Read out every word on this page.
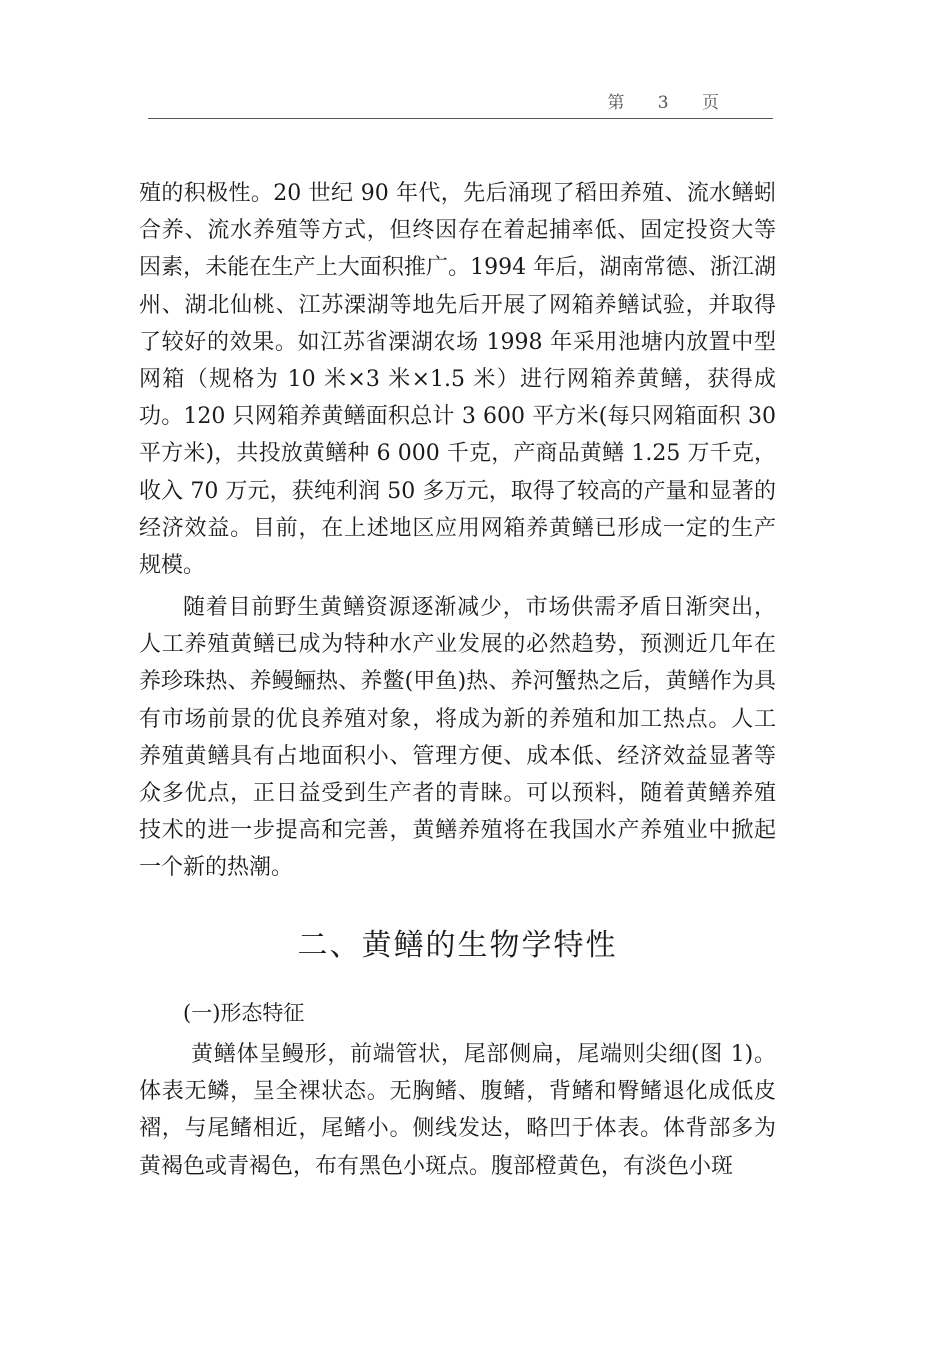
第 3 页

殖的积极性。20 世纪 90 年代，先后涌现了稻田养殖、流水鳝蚓合养、流水养殖等方式，但终因存在着起捕率低、固定投资大等因素，未能在生产上大面积推广。1994 年后，湖南常德、浙江湖州、湖北仙桃、江苏溧湖等地先后开展了网箱养鳝试验，并取得了较好的效果。如江苏省溧湖农场 1998 年采用池塘内放置中型网箱（规格为 10 米×3 米×1.5 米）进行网箱养黄鳝，获得成功。120 只网箱养黄鳝面积总计 3 600 平方米(每只网箱面积 30 平方米)，共投放黄鳝种 6 000 千克，产商品黄鳝 1.25 万千克，收入 70 万元，获纯利润 50 多万元，取得了较高的产量和显著的经济效益。目前，在上述地区应用网箱养黄鳝已形成一定的生产规模。

随着目前野生黄鳝资源逐渐减少，市场供需矛盾日渐突出，人工养殖黄鳝已成为特种水产业发展的必然趋势，预测近几年在养珍珠热、养鳗鲡热、养鳖(甲鱼)热、养河蟹热之后，黄鳝作为具有市场前景的优良养殖对象，将成为新的养殖和加工热点。人工养殖黄鳝具有占地面积小、管理方便、成本低、经济效益显著等众多优点，正日益受到生产者的青睐。可以预料，随着黄鳝养殖技术的进一步提高和完善，黄鳝养殖将在我国水产养殖业中掀起一个新的热潮。

二、黄鳝的生物学特性
(一)形态特征

黄鳝体呈鳗形，前端管状，尾部侧扁，尾端则尖细(图 1)。体表无鳞，呈全裸状态。无胸鳍、腹鳍，背鳍和臀鳍退化成低皮褶，与尾鳍相近，尾鳍小。侧线发达，略凹于体表。体背部多为黄褐色或青褐色，布有黑色小斑点。腹部橙黄色，有淡色小斑
